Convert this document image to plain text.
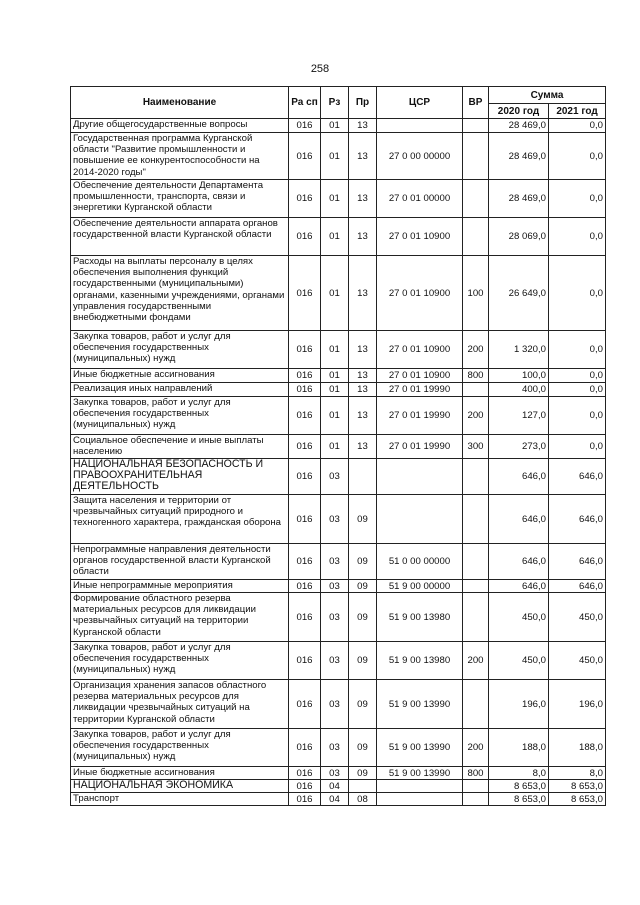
258
Наименование	Ра сп	Рз	Пр	ЦСР	ВР	Сумма	
						2020 год	2021 год
Другие общегосударственные вопросы	016	01	13			28 469,0	0,0
Государственная программа Курганской области "Развитие промышленности и повышение ее конкурентоспособности на 2014-2020 годы"	016	01	13	27 0 00 00000		28 469,0	0,0
Обеспечение деятельности Департамента промышленности, транспорта, связи и энергетики Курганской области	016	01	13	27 0 01 00000		28 469,0	0,0
Обеспечение деятельности аппарата органов государственной власти Курганской области	016	01	13	27 0 01 10900		28 069,0	0,0
Расходы на выплаты персоналу в целях обеспечения выполнения функций государственными (муниципальными) органами, казенными учреждениями, органами управления государственными внебюджетными фондами	016	01	13	27 0 01 10900	100	26 649,0	0,0
Закупка товаров, работ и услуг для обеспечения государственных (муниципальных) нужд	016	01	13	27 0 01 10900	200	1 320,0	0,0
Иные бюджетные ассигнования	016	01	13	27 0 01 10900	800	100,0	0,0
Реализация иных направлений	016	01	13	27 0 01 19990		400,0	0,0
Закупка товаров, работ и услуг для обеспечения государственных (муниципальных) нужд	016	01	13	27 0 01 19990	200	127,0	0,0
Социальное обеспечение и иные выплаты населению	016	01	13	27 0 01 19990	300	273,0	0,0
НАЦИОНАЛЬНАЯ БЕЗОПАСНОСТЬ И ПРАВООХРАНИТЕЛЬНАЯ ДЕЯТЕЛЬНОСТЬ	016	03				646,0	646,0
Защита населения и территории от чрезвычайных ситуаций природного и техногенного характера, гражданская оборона	016	03	09			646,0	646,0
Непрограммные направления деятельности органов государственной власти Курганской области	016	03	09	51 0 00 00000		646,0	646,0
Иные непрограммные мероприятия	016	03	09	51 9 00 00000		646,0	646,0
Формирование областного резерва материальных ресурсов для ликвидации чрезвычайных ситуаций на территории Курганской области	016	03	09	51 9 00 13980		450,0	450,0
Закупка товаров, работ и услуг для обеспечения государственных (муниципальных) нужд	016	03	09	51 9 00 13980	200	450,0	450,0
Организация хранения запасов областного резерва материальных ресурсов для ликвидации чрезвычайных ситуаций на территории Курганской области	016	03	09	51 9 00 13990		196,0	196,0
Закупка товаров, работ и услуг для обеспечения государственных (муниципальных) нужд	016	03	09	51 9 00 13990	200	188,0	188,0
Иные бюджетные ассигнования	016	03	09	51 9 00 13990	800	8,0	8,0
НАЦИОНАЛЬНАЯ ЭКОНОМИКА	016	04				8 653,0	8 653,0
Транспорт	016	04	08			8 653,0	8 653,0
